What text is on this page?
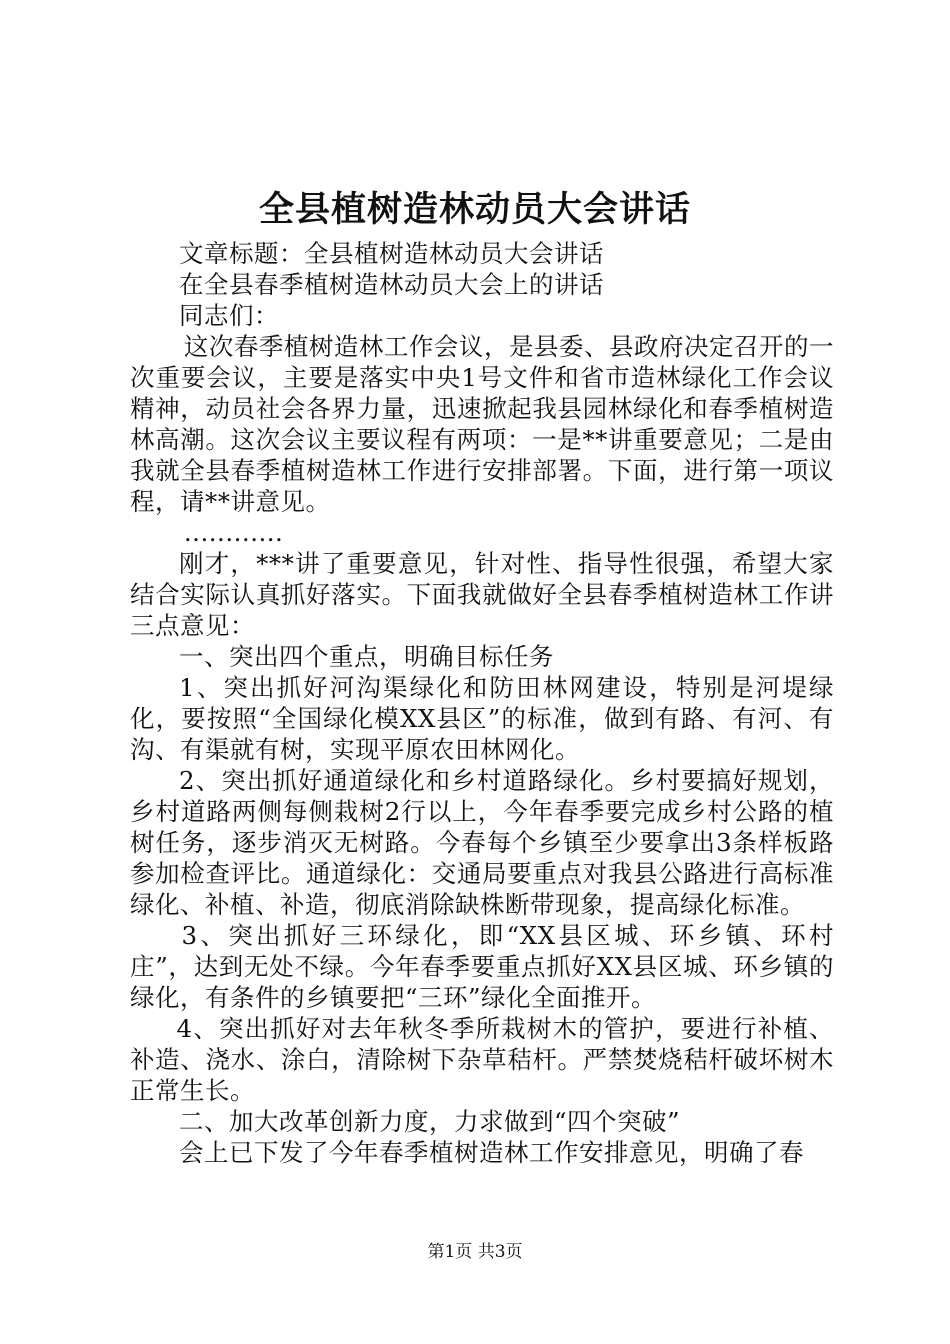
全县植树造林动员大会讲话

文章标题：全县植树造林动员大会讲话

在全县春季植树造林动员大会上的讲话

同志们：

这次春季植树造林工作会议，是县委、县政府决定召开的一次重要会议，主要是落实中央1号文件和省市造林绿化工作会议精神，动员社会各界力量，迅速掀起我县园林绿化和春季植树造林高潮。这次会议主要议程有两项：一是**讲重要意见；二是由我就全县春季植树造林工作进行安排部署。下面，进行第一项议程，请**讲意见。

............

刚才，***讲了重要意见，针对性、指导性很强，希望大家结合实际认真抓好落实。下面我就做好全县春季植树造林工作讲三点意见：

一、突出四个重点，明确目标任务

1、突出抓好河沟渠绿化和防田林网建设，特别是河堤绿化，要按照“全国绿化模XX县区”的标准，做到有路、有河、有沟、有渠就有树，实现平原农田林网化。

2、突出抓好通道绿化和乡村道路绿化。乡村要搞好规划，乡村道路两侧每侧栽树2行以上，今年春季要完成乡村公路的植树任务，逐步消灭无树路。今春每个乡镇至少要拿出3条样板路参加检查评比。通道绿化：交通局要重点对我县公路进行高标准绿化、补植、补造，彻底消除缺株断带现象，提高绿化标准。

3、突出抓好三环绿化，即“XX县区城、环乡镇、环村庄”，达到无处不绿。今年春季要重点抓好XX县区城、环乡镇的绿化，有条件的乡镇要把“三环”绿化全面推开。

4、突出抓好对去年秋冬季所栽树木的管护，要进行补植、补造、浇水、涂白，清除树下杂草秸杆。严禁焚烧秸杆破坏树木正常生长。

二、加大改革创新力度，力求做到“四个突破”

会上已下发了今年春季植树造林工作安排意见，明确了春

第1页 共3页
